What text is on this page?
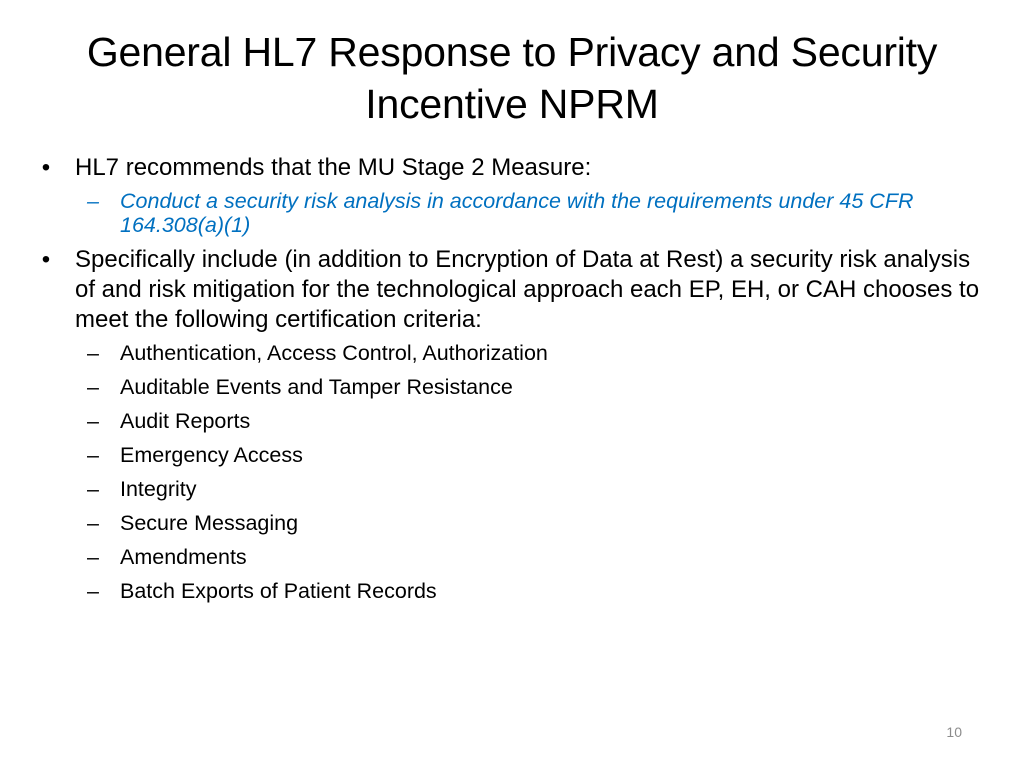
General HL7 Response to Privacy and Security
Incentive NPRM
• HL7 recommends that the MU Stage 2 Measure:
– Conduct a security risk analysis in accordance with the requirements under 45 CFR 164.308(a)(1)
• Specifically include (in addition to Encryption of Data at Rest) a security risk analysis of and risk mitigation for the technological approach each EP, EH, or CAH chooses to meet the following certification criteria:
– Authentication, Access Control, Authorization
– Auditable Events and Tamper Resistance
– Audit Reports
– Emergency Access
– Integrity
– Secure Messaging
– Amendments
– Batch Exports of Patient Records
10
